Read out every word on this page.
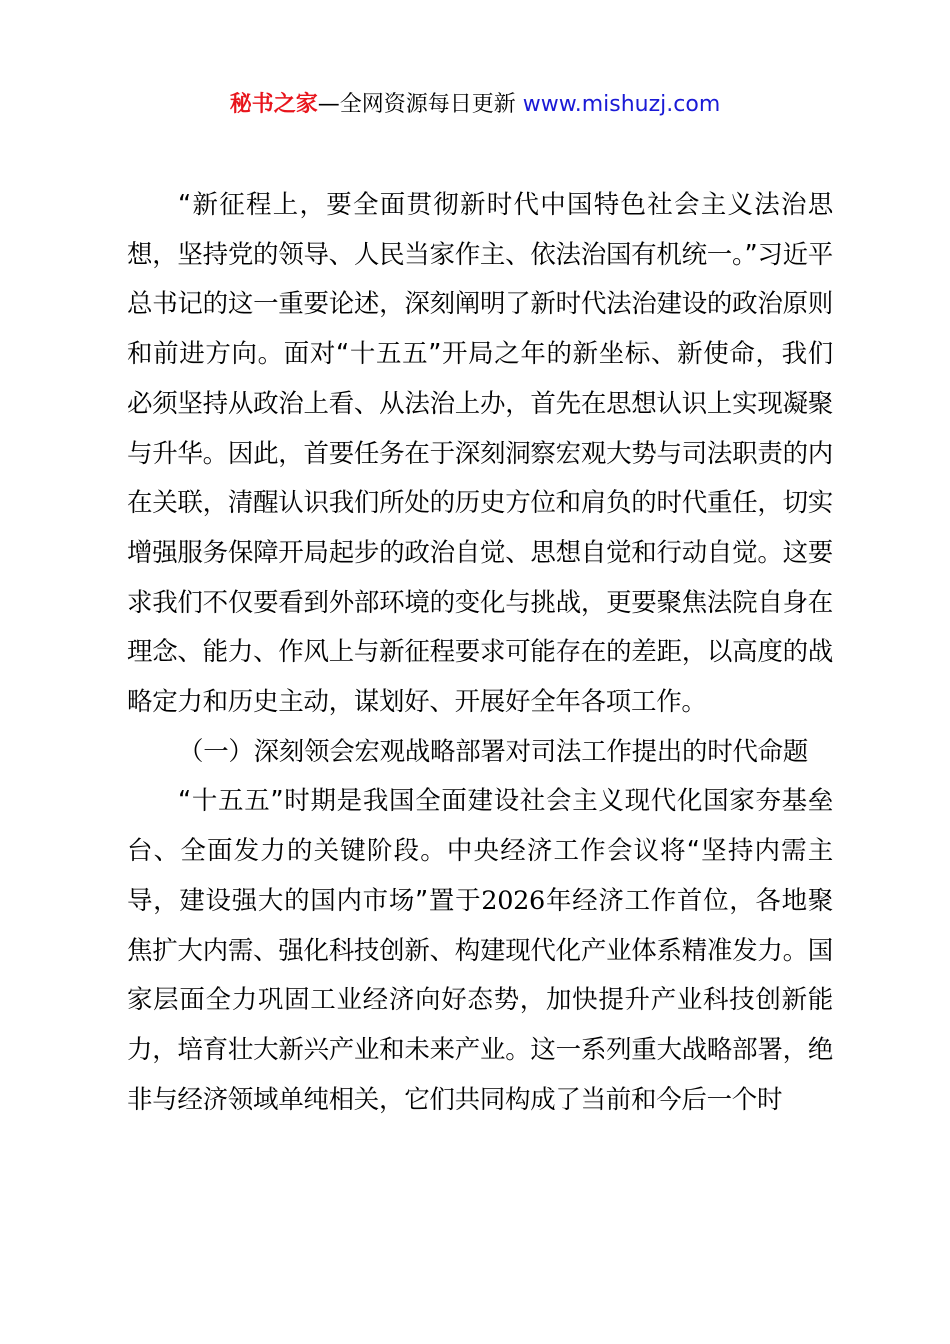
秘书之家—全网资源每日更新 www.mishuzj.com

“新征程上，要全面贯彻新时代中国特色社会主义法治思想，坚持党的领导、人民当家作主、依法治国有机统一。”习近平总书记的这一重要论述，深刻阐明了新时代法治建设的政治原则和前进方向。面对“十五五”开局之年的新坐标、新使命，我们必须坚持从政治上看、从法治上办，首先在思想认识上实现凝聚与升华。因此，首要任务在于深刻洞察宏观大势与司法职责的内在关联，清醒认识我们所处的历史方位和肩负的时代重任，切实增强服务保障开局起步的政治自觉、思想自觉和行动自觉。这要求我们不仅要看到外部环境的变化与挑战，更要聚焦法院自身在理念、能力、作风上与新征程要求可能存在的差距，以高度的战略定力和历史主动，谋划好、开展好全年各项工作。

（一）深刻领会宏观战略部署对司法工作提出的时代命题

“十五五”时期是我国全面建设社会主义现代化国家夯基垒台、全面发力的关键阶段。中央经济工作会议将“坚持内需主导，建设强大的国内市场”置于2026年经济工作首位，各地聚焦扩大内需、强化科技创新、构建现代化产业体系精准发力。国家层面全力巩固工业经济向好态势，加快提升产业科技创新能力，培育壮大新兴产业和未来产业。这一系列重大战略部署，绝非与经济领域单纯相关，它们共同构成了当前和今后一个时
